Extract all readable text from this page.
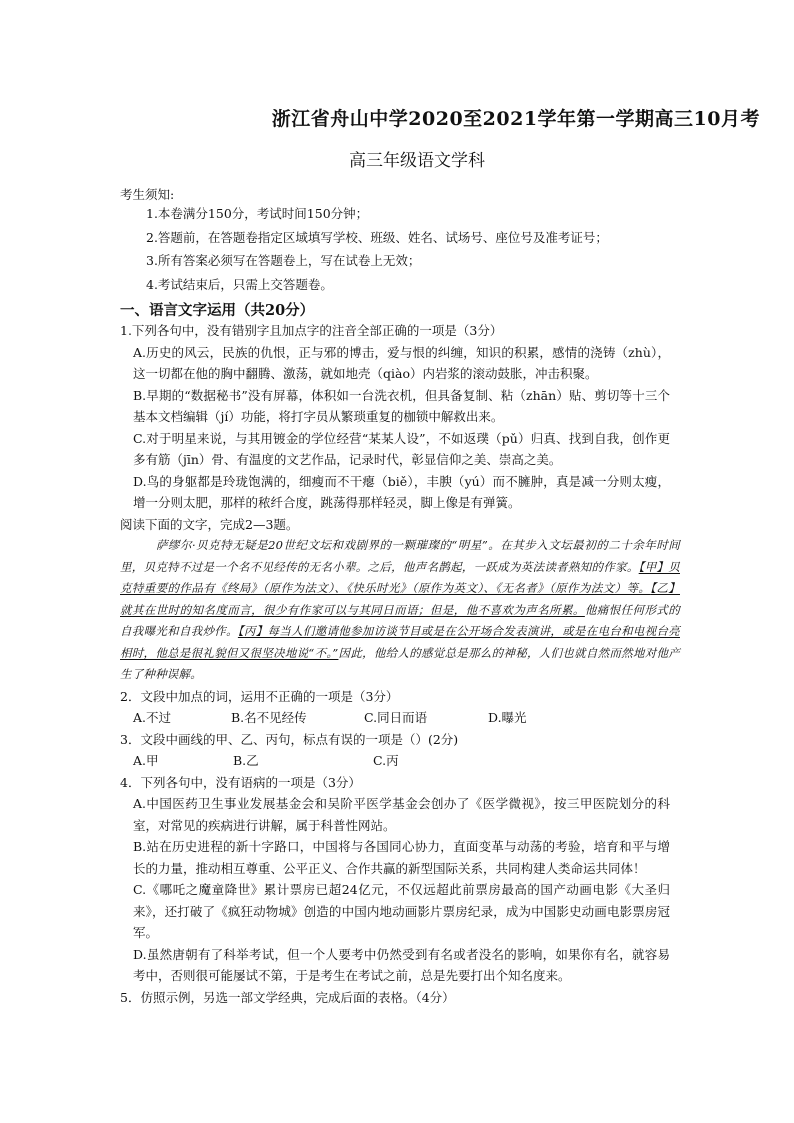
浙江省舟山中学2020至2021学年第一学期高三10月考
高三年级语文学科
考生须知:
1.本卷满分150分，考试时间150分钟；
2.答题前，在答题卷指定区域填写学校、班级、姓名、试场号、座位号及准考证号；
3.所有答案必须写在答题卷上，写在试卷上无效；
4.考试结束后，只需上交答题卷。
一、语言文字运用（共20分）

1.下列各句中，没有错别字且加点字的注音全部正确的一项是（3分）

A.历史的风云，民族的仇恨，正与邪的博击，爱与恨的纠缠，知识的积累，感情的浇铸（zhù），这一切都在他的胸中翻腾、激荡，就如地壳（qiào）内岩浆的滚动鼓胀，冲击积聚。

B.早期的“数据秘书”没有屏幕，体积如一台洗衣机，但具备复制、粘（zhān）贴、剪切等十三个基本文档编辑（jí）功能，将打字员从繁琐重复的枷锁中解救出来。

C.对于明星来说，与其用镀金的学位经营“某某人设”，不如返璞（pǔ）归真、找到自我，创作更多有筋（jīn）骨、有温度的文艺作品，记录时代，彰显信仰之美、崇高之美。

D.鸟的身躯都是玲珑饱满的，细瘦而不干瘪（biě），丰腴（yú）而不臃肿，真是减一分则太瘦，增一分则太肥，那样的秾纤合度，跳荡得那样轻灵，脚上像是有弹簧。

阅读下面的文字，完成2—3题。

萨缪尔·贝克特无疑是20世纪文坛和戏剧界的一颗璀璨的“明星”。在其步入文坛最初的二十余年时间里，贝克特不过是一个名不见经传的无名小辈。之后，他声名鹊起，一跃成为英法读者熟知的作家。【甲】贝克特重要的作品有《终局》（原作为法文）、《快乐时光》（原作为英文）、《无名者》（原作为法文）等。【乙】就其在世时的知名度而言，很少有作家可以与其同日而语；但是，他不喜欢为声名所累。他痛恨任何形式的自我曝光和自我炒作。【丙】每当人们邀请他参加访谈节目或是在公开场合发表演讲，或是在电台和电视台亮相时，他总是很礼貌但又很坚决地说“不。”因此，他给人的感觉总是那么的神秘，人们也就自然而然地对他产生了种种误解。

2．文段中加点的词，运用不正确的一项是（3分）

A.不过	B.名不见经传	C.同日而语	D.曝光

3．文段中画线的甲、乙、丙句，标点有误的一项是（）(2分)

A.甲	B.乙	C.丙

4．下列各句中，没有语病的一项是（3分）

A.中国医药卫生事业发展基金会和吴阶平医学基金会创办了《医学微视》，按三甲医院划分的科室，对常见的疾病进行讲解，属于科普性网站。

B.站在历史进程的新十字路口，中国将与各国同心协力，直面变革与动荡的考验，培育和平与增长的力量，推动相互尊重、公平正义、合作共赢的新型国际关系，共同构建人类命运共同体！

C.《哪吒之魔童降世》累计票房已超24亿元，不仅远超此前票房最高的国产动画电影《大圣归来》，还打破了《疯狂动物城》创造的中国内地动画影片票房纪录，成为中国影史动画电影票房冠军。

D.虽然唐朝有了科举考试，但一个人要考中仍然受到有名或者没名的影响，如果你有名，就容易考中，否则很可能屡试不第，于是考生在考试之前，总是先要打出个知名度来。

5．仿照示例，另选一部文学经典，完成后面的表格。（4分）
